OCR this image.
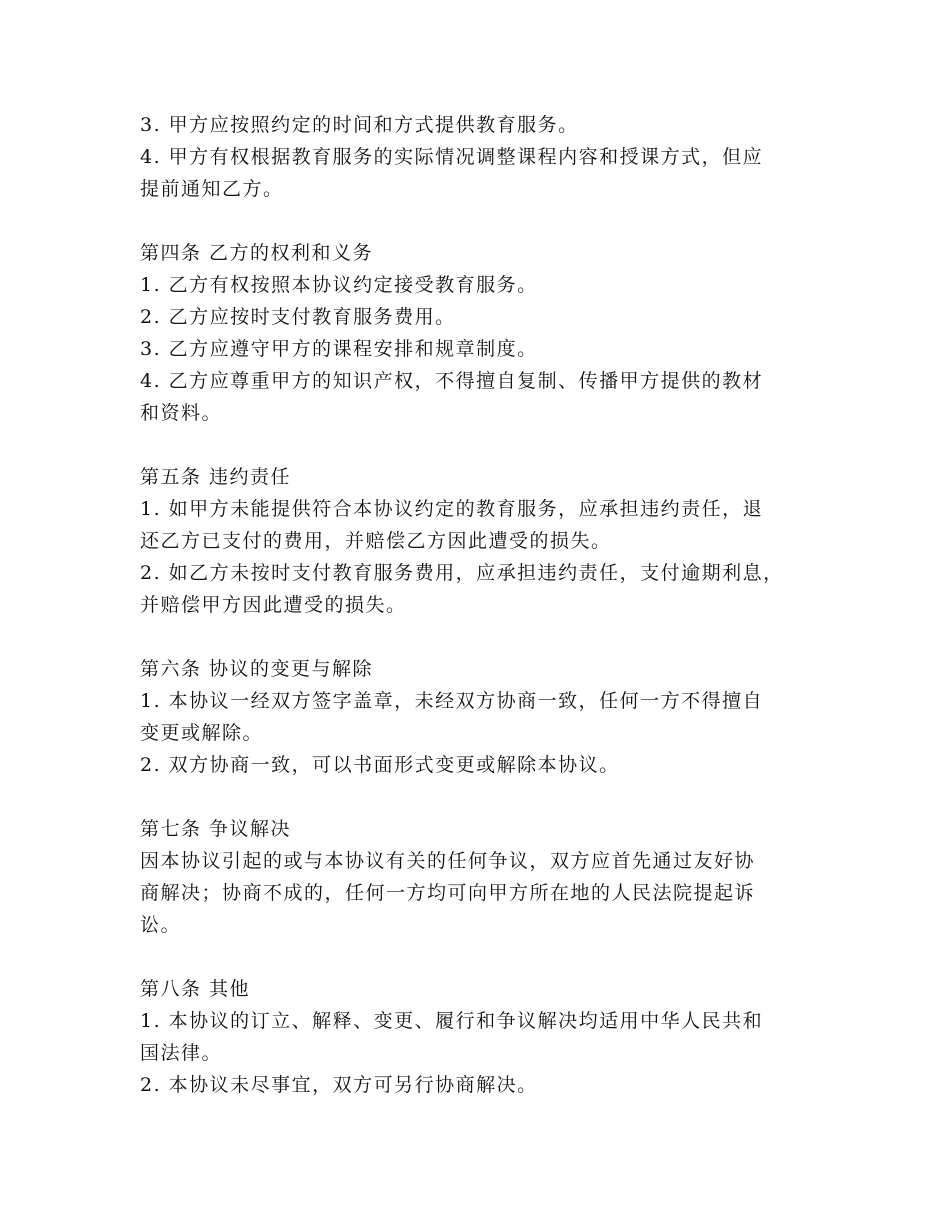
3. 甲方应按照约定的时间和方式提供教育服务。
4. 甲方有权根据教育服务的实际情况调整课程内容和授课方式，但应
提前通知乙方。
第四条 乙方的权利和义务
1. 乙方有权按照本协议约定接受教育服务。
2. 乙方应按时支付教育服务费用。
3. 乙方应遵守甲方的课程安排和规章制度。
4. 乙方应尊重甲方的知识产权，不得擅自复制、传播甲方提供的教材
和资料。
第五条 违约责任
1. 如甲方未能提供符合本协议约定的教育服务，应承担违约责任，退
还乙方已支付的费用，并赔偿乙方因此遭受的损失。
2. 如乙方未按时支付教育服务费用，应承担违约责任，支付逾期利息，
并赔偿甲方因此遭受的损失。
第六条 协议的变更与解除
1. 本协议一经双方签字盖章，未经双方协商一致，任何一方不得擅自
变更或解除。
2. 双方协商一致，可以书面形式变更或解除本协议。
第七条 争议解决
因本协议引起的或与本协议有关的任何争议，双方应首先通过友好协
商解决；协商不成的，任何一方均可向甲方所在地的人民法院提起诉
讼。
第八条 其他
1. 本协议的订立、解释、变更、履行和争议解决均适用中华人民共和
国法律。
2. 本协议未尽事宜，双方可另行协商解决。
